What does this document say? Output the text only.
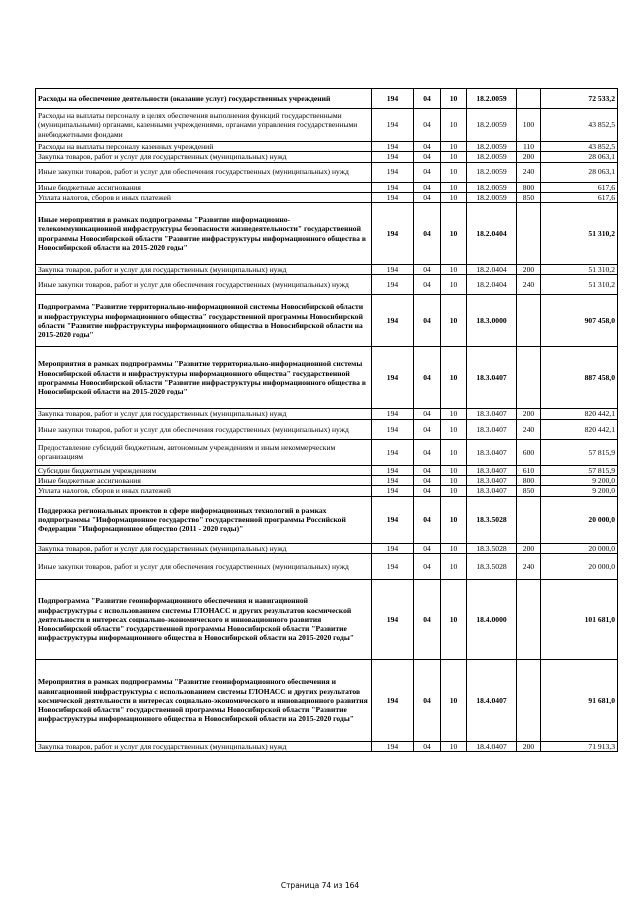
Расходы на обеспечение деятельности (оказание услуг) государственных учреждений	194	04	10	18.2.0059		72 533,2
Расходы на выплаты персоналу в целях обеспечения выполнения функций государственными (муниципальными) органами, казенными учреждениями, органами управления государственными внебюджетными фондами	194	04	10	18.2.0059	100	43 852,5
Расходы на выплаты персоналу казенных учреждений	194	04	10	18.2.0059	110	43 852,5
Закупка товаров, работ и услуг для государственных (муниципальных) нужд	194	04	10	18.2.0059	200	28 063,1
Иные закупки товаров, работ и услуг для обеспечения государственных (муниципальных) нужд	194	04	10	18.2.0059	240	28 063,1
Иные бюджетные ассигнования	194	04	10	18.2.0059	800	617,6
Уплата налогов, сборов и иных платежей	194	04	10	18.2.0059	850	617,6
Иные мероприятия в рамках подпрограммы "Развитие информационно-телекоммуникационной инфраструктуры безопасности жизнедеятельности" государственной программы Новосибирской области "Развитие инфраструктуры информационного общества в Новосибирской области на 2015-2020 годы"	194	04	10	18.2.0404		51 310,2
Закупка товаров, работ и услуг для государственных (муниципальных) нужд	194	04	10	18.2.0404	200	51 310,2
Иные закупки товаров, работ и услуг для обеспечения государственных (муниципальных) нужд	194	04	10	18.2.0404	240	51 310,2
Подпрограмма "Развитие территориально-информационной системы Новосибирской области и инфраструктуры информационного общества" государственной программы Новосибирской области "Развитие инфраструктуры информационного общества в Новосибирской области на 2015-2020 годы"	194	04	10	18.3.0000		907 458,0
Мероприятия в рамках подпрограммы "Развитие территориально-информационной системы Новосибирской области и инфраструктуры информационного общества" государственной программы Новосибирской области "Развитие инфраструктуры информационного общества в Новосибирской области на 2015-2020 годы"	194	04	10	18.3.0407		887 458,0
Закупка товаров, работ и услуг для государственных (муниципальных) нужд	194	04	10	18.3.0407	200	820 442,1
Иные закупки товаров, работ и услуг для обеспечения государственных (муниципальных) нужд	194	04	10	18.3.0407	240	820 442,1
Предоставление субсидий бюджетным, автономным учреждениям и иным некоммерческим организациям	194	04	10	18.3.0407	600	57 815,9
Субсидии бюджетным учреждениям	194	04	10	18.3.0407	610	57 815,9
Иные бюджетные ассигнования	194	04	10	18.3.0407	800	9 200,0
Уплата налогов, сборов и иных платежей	194	04	10	18.3.0407	850	9 200,0
Поддержка региональных проектов в сфере информационных технологий в рамках подпрограммы "Информационное государство" государственной программы Российской Федерации "Информационное общество (2011 - 2020 годы)"	194	04	10	18.3.5028		20 000,0
Закупка товаров, работ и услуг для государственных (муниципальных) нужд	194	04	10	18.3.5028	200	20 000,0
Иные закупки товаров, работ и услуг для обеспечения государственных (муниципальных) нужд	194	04	10	18.3.5028	240	20 000,0
Подпрограмма "Развитие геоинформационного обеспечения и навигационной инфраструктуры с использованием системы ГЛОНАСС и других результатов космической деятельности в интересах социально-экономического и инновационного развития Новосибирской области" государственной программы Новосибирской области "Развитие инфраструктуры информационного общества в Новосибирской области на 2015-2020 годы"	194	04	10	18.4.0000		101 681,0
Мероприятия в рамках подпрограммы "Развитие геоинформационного обеспечения и навигационной инфраструктуры с использованием системы ГЛОНАСС и других результатов космической деятельности в интересах социально-экономического и инновационного развития Новосибирской области" государственной программы Новосибирской области "Развитие инфраструктуры информационного общества в Новосибирской области на 2015-2020 годы"	194	04	10	18.4.0407		91 681,0
Закупка товаров, работ и услуг для государственных (муниципальных) нужд	194	04	10	18.4.0407	200	71 913,3
Страница 74 из 164
